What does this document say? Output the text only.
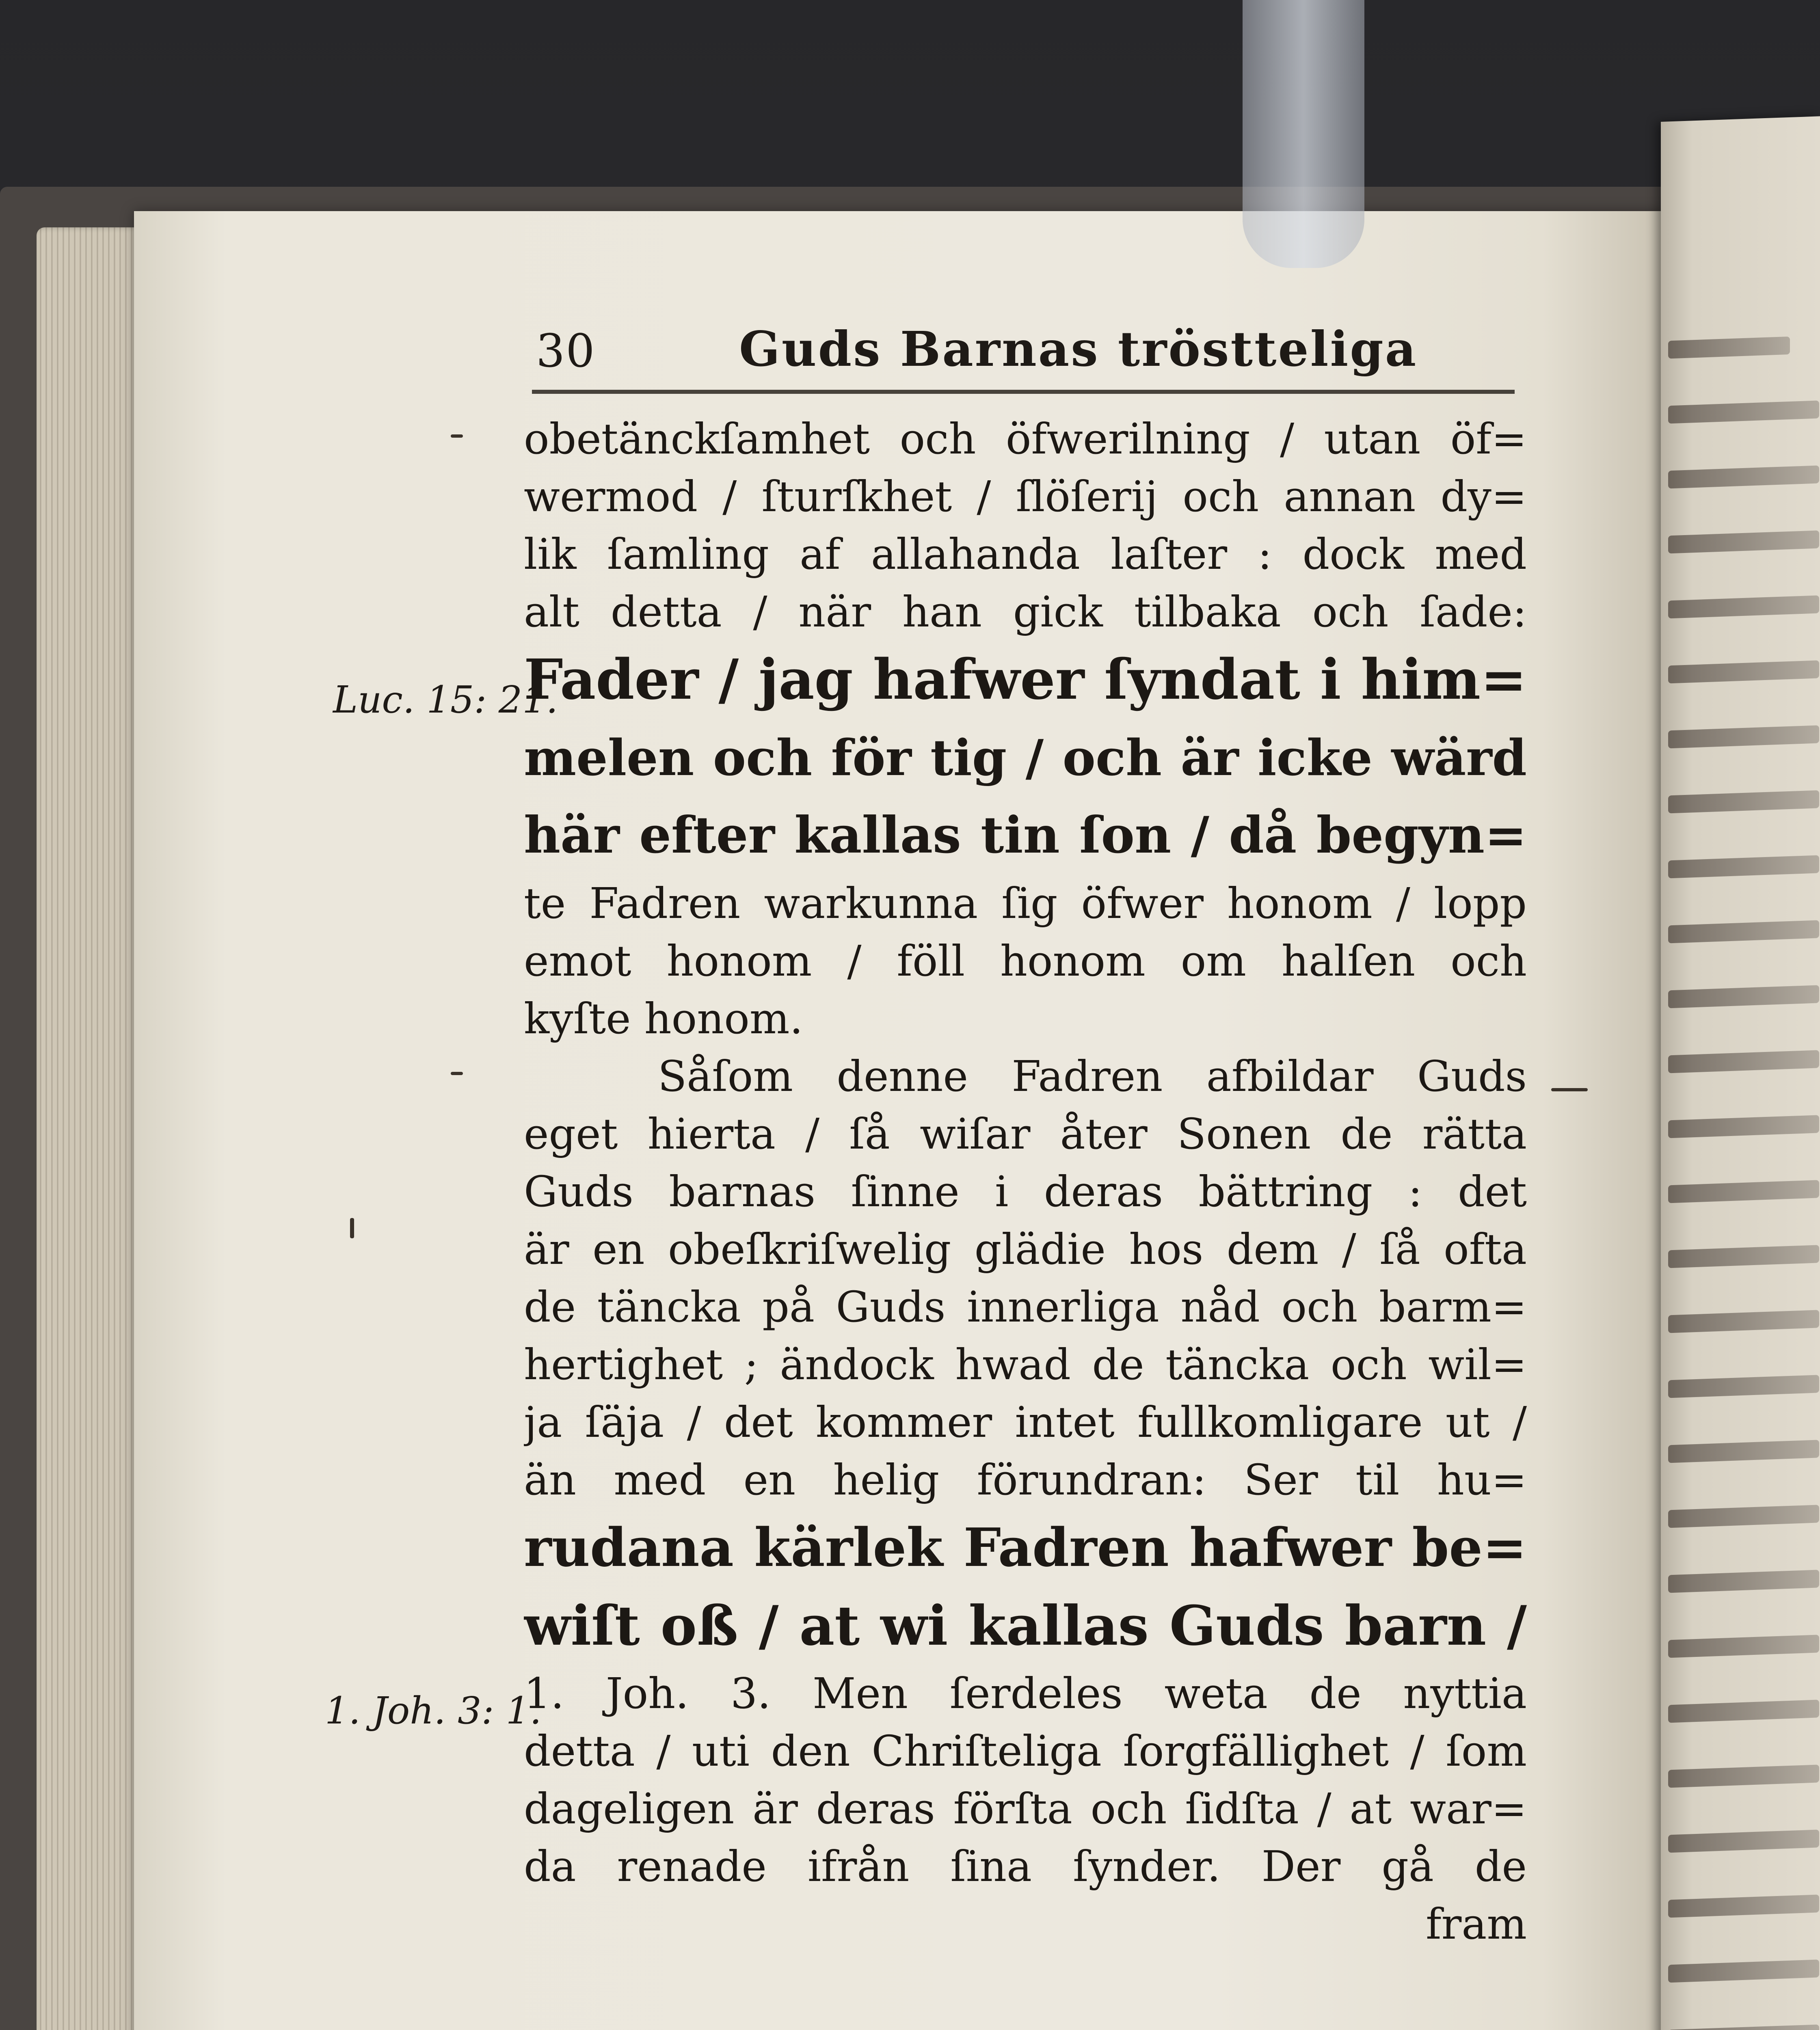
30	Guds Barnas tröstteliga
Luc. 15: 21.
1. Joh. 3: 1.
obetänckſamhet och öfwerilning / utan öf=
wermod / ſturſkhet / ſlöſerij och annan dy=
lik ſamling af allahanda laſter : dock med
alt detta / när han gick tilbaka och ſade:
Fader / jag hafwer ſyndat i him=
melen och för tig / och är icke wärd
här efter kallas tin ſon / då begyn=
te Fadren warkunna ſig öfwer honom / lopp
emot honom / föll honom om halſen och
kyſte honom.
Såſom denne Fadren afbildar Guds
eget hierta / ſå wiſar åter Sonen de rätta
Guds barnas ſinne i deras bättring : det
är en obeſkriſwelig glädie hos dem / ſå ofta
de täncka på Guds innerliga nåd och barm=
hertighet ; ändock hwad de täncka och wil=
ja ſäja / det kommer intet fullkomligare ut /
än med en helig förundran: Ser til hu=
rudana kärlek Fadren hafwer be=
wiſt oß / at wi kallas Guds barn /
1. Joh. 3. Men ſerdeles weta de nyttia
detta / uti den Chriſteliga ſorgfällighet / ſom
dageligen är deras förſta och ſidſta / at war=
da renade ifrån ſina ſynder. Der gå de
fram
